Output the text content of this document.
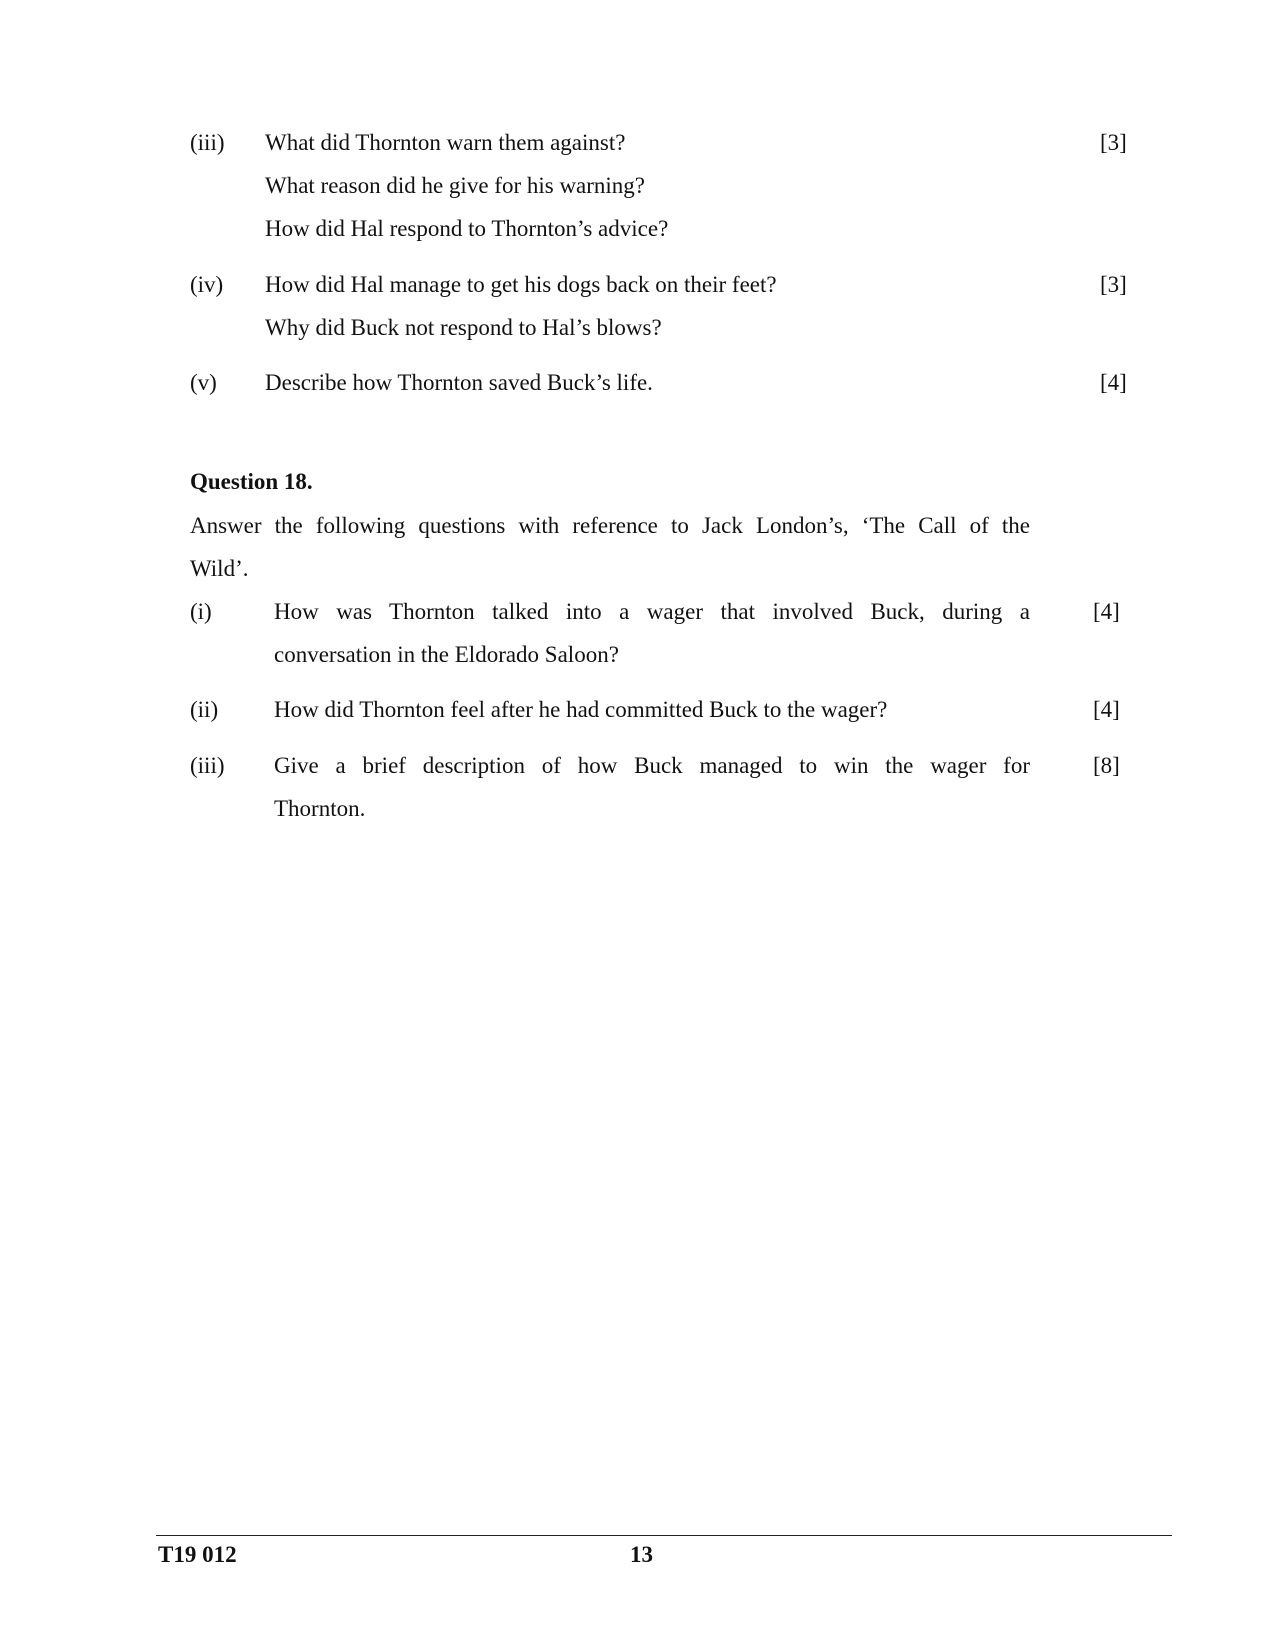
(iii) What did Thornton warn them against?
What reason did he give for his warning?
How did Hal respond to Thornton’s advice?
[3]
(iv) How did Hal manage to get his dogs back on their feet?
Why did Buck not respond to Hal’s blows?
[3]
(v) Describe how Thornton saved Buck’s life.	[4]
Question 18.
Answer the following questions with reference to Jack London’s, ‘The Call of the
Wild’.
(i)	How was Thornton talked into a wager that involved Buck, during a
conversation in the Eldorado Saloon?
[4]
(ii) How did Thornton feel after he had committed Buck to the wager?	[4]
(iii) Give a brief description of how Buck managed to win the wager for
Thornton.
[8]
T19 012	13
